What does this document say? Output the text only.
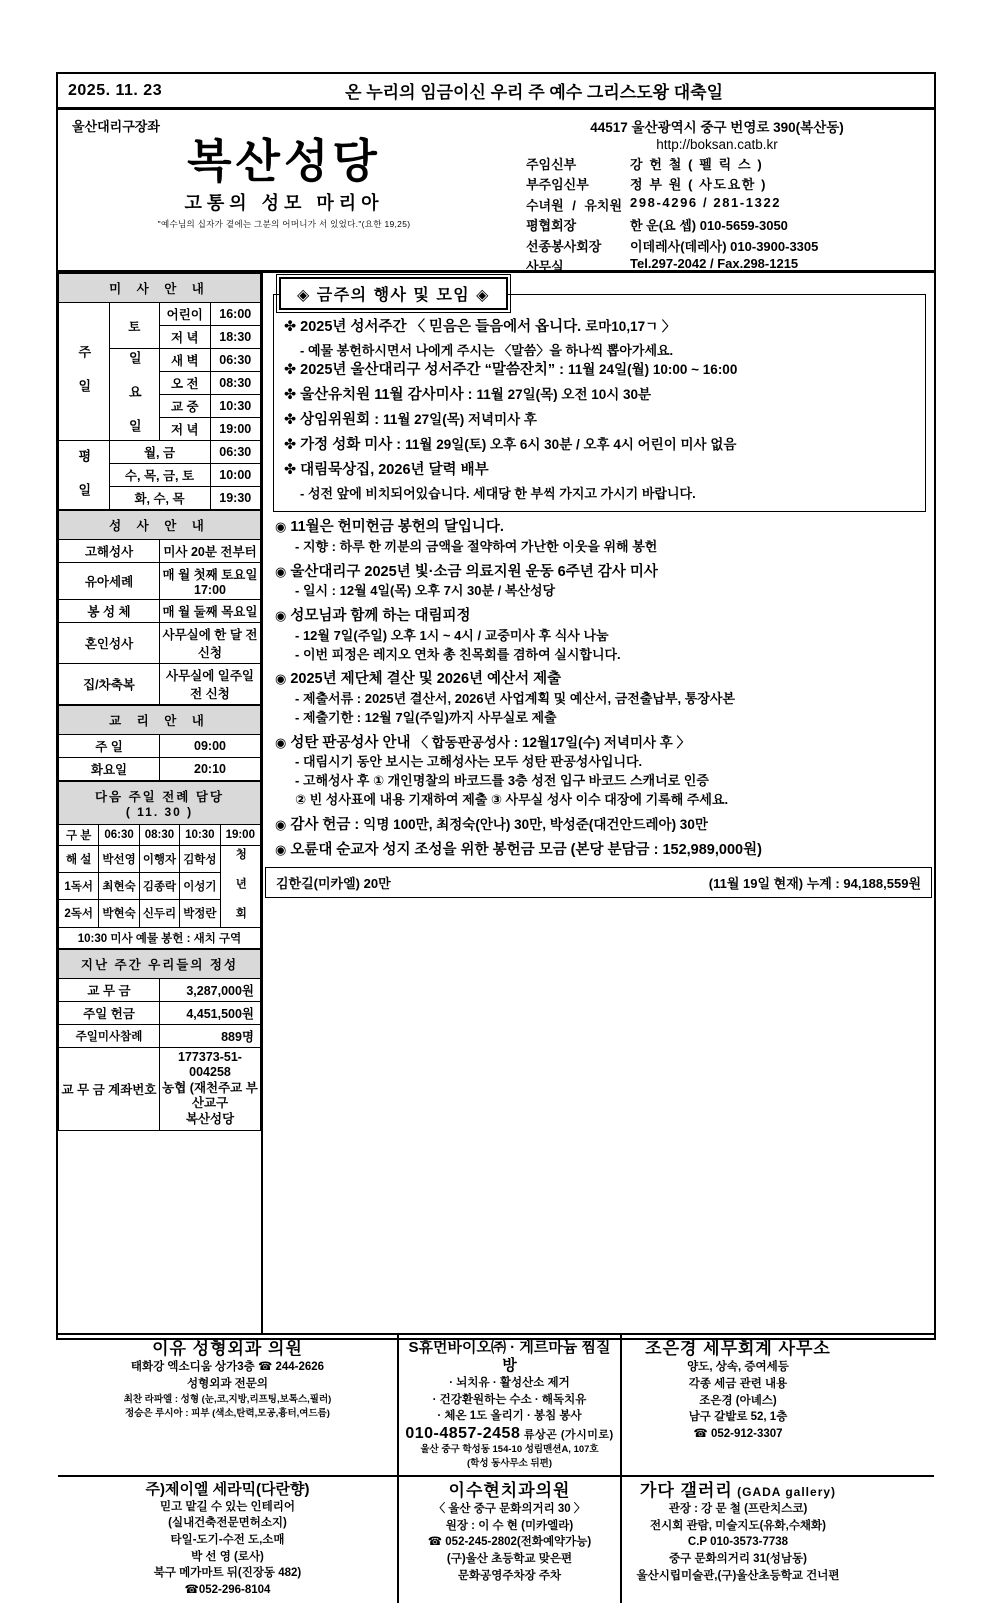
2025. 11. 23	온 누리의 임금이신 우리 주 예수 그리스도왕 대축일
울산대리구장좌
복산성당
고통의 성모 마리아
"예수님의 십자가 곁에는 그분의 어머니가 서 있었다."(요한 19,25)
44517 울산광역시 중구 번영로 390(복산동)
http://boksan.catb.kr
주임신부	강 헌 철 ( 펠 릭 스 )
부주임신부	정 부 원 ( 사도요한 )
수녀원 / 유치원 298-4296 / 281-1322
평협회장	한 운(요 셉) 010-5659-3050
선종봉사회장	이데레사(데레사) 010-3900-3305
사무실	Tel.297-2042 / Fax.298-1215
미 사 안 내			
주 일	토	어린이	16:00
		저 녁	18:30
	일 요 일	새 벽	06:30
		오 전	08:30
		교 중	10:30
		저 녁	19:00
평 일	월, 금		06:30
	수, 목, 금, 토		10:00
	화, 수, 목		19:30
성 사 안 내	
고해성사	미사 20분 전부터
유아세례	매 월 첫째 토요일 17:00
봉 성 체	매 월 둘째 목요일
혼인성사	사무실에 한 달 전 신청
집/차축복	사무실에 일주일 전 신청
교 리 안 내	
주 일	09:00
화요일	20:10
다음 주일 전례 담당
( 11. 30 )				
구 분	06:30	08:30	10:30	19:00
해 설	박선영	이행자	김학성	청 년 회
1독서	최현숙	김종락	이성기	
2독서	박현숙	신두리	박정란	
10:30 미사 예물 봉헌 : 새치 구역				
지난 주간 우리들의 정성	
교 무 금	3,287,000원
주일 헌금	4,451,500원
주일미사참례	889명
교 무 금 계좌번호	177373-51-004258
농협 (재천주교 부산교구
복산성당
◈ 금주의 행사 및 모임 ◈
✤ 2025년 성서주간 〈 믿음은 들음에서 옵니다. 로마10,17ㄱ 〉
- 예물 봉헌하시면서 나에게 주시는 〈말씀〉을 하나씩 뽑아가세요.
✤ 2025년 울산대리구 성서주간 “말씀잔치” : 11월 24일(월) 10:00 ~ 16:00
✤ 울산유치원 11월 감사미사 : 11월 27일(목) 오전 10시 30분
✤ 상임위원회 : 11월 27일(목) 저녁미사 후
✤ 가정 성화 미사 : 11월 29일(토) 오후 6시 30분 / 오후 4시 어린이 미사 없음
✤ 대림묵상집, 2026년 달력 배부
- 성전 앞에 비치되어있습니다. 세대당 한 부씩 가지고 가시기 바랍니다.
◉ 11월은 헌미헌금 봉헌의 달입니다.
- 지향 : 하루 한 끼분의 금액을 절약하여 가난한 이웃을 위해 봉헌
◉ 울산대리구 2025년 빛·소금 의료지원 운동 6주년 감사 미사
- 일시 : 12월 4일(목) 오후 7시 30분 / 복산성당
◉ 성모님과 함께 하는 대림피정
- 12월 7일(주일) 오후 1시 ~ 4시 / 교중미사 후 식사 나눔
- 이번 피정은 레지오 연차 총 친목회를 겸하여 실시합니다.
◉ 2025년 제단체 결산 및 2026년 예산서 제출
- 제출서류 : 2025년 결산서, 2026년 사업계획 및 예산서, 금전출납부, 통장사본
- 제출기한 : 12월 7일(주일)까지 사무실로 제출
◉ 성탄 판공성사 안내 〈 합동판공성사 : 12월17일(수) 저녁미사 후 〉
- 대림시기 동안 보시는 고해성사는 모두 성탄 판공성사입니다.
- 고해성사 후 ① 개인명찰의 바코드를 3층 성전 입구 바코드 스캐너로 인증
② 빈 성사표에 내용 기재하여 제출 ③ 사무실 성사 이수 대장에 기록해 주세요.
◉ 감사 헌금 : 익명 100만, 최정숙(안나) 30만, 박성준(대건안드레아) 30만
◉ 오륜대 순교자 성지 조성을 위한 봉헌금 모금 (본당 분담금 : 152,989,000원)
김한길(미카엘) 20만	(11월 19일 현재) 누계 : 94,188,559원
이유 성형외과 의원
태화강 엑소디움 상가3층 ☎ 244-2626
성형외과 전문의
최찬 라파엘 : 성형 (눈,코,지방,리프팅,보톡스,필러)
정승은 루시아 : 피부 (색소,탄력,모공,흉터,여드름)
S휴먼바이오㈜ · 게르마늄 찜질방
· 뇌치유 · 활성산소 제거
· 건강환원하는 수소 · 해독치유
· 체온 1도 올리기 · 봉침 봉사
010-4857-2458 류상곤 (가시미로)
울산 중구 학성동 154-10 성림맨션A, 107호
(학성 동사무소 뒤편)
조은경 세무회계 사무소
양도, 상속, 증여세등
각종 세금 관련 내용
조은경 (아녜스)
남구 갈밭로 52, 1층
☎ 052-912-3307
주)제이엘 세라믹(다란향)
믿고 맡길 수 있는 인테리어
(실내건축전문면허소지)
타일-도기-수전 도,소매
박 선 영 (로사)
북구 메가마트 뒤(진장동 482)
☎052-296-8104
이수현치과의원
〈 울산 중구 문화의거리 30 〉
원장 : 이 수 현 (미카엘라)
☎ 052-245-2802(전화예약가능)
(구)울산 초등학교 맞은편
문화공영주차장 주차
가다 갤러리 (GADA gallery)
관장 : 강 문 철 (프란치스코)
전시회 관람, 미술지도(유화,수채화)
C.P 010-3573-7738
중구 문화의거리 31(성남동)
울산시립미술관,(구)울산초등학교 건너편
